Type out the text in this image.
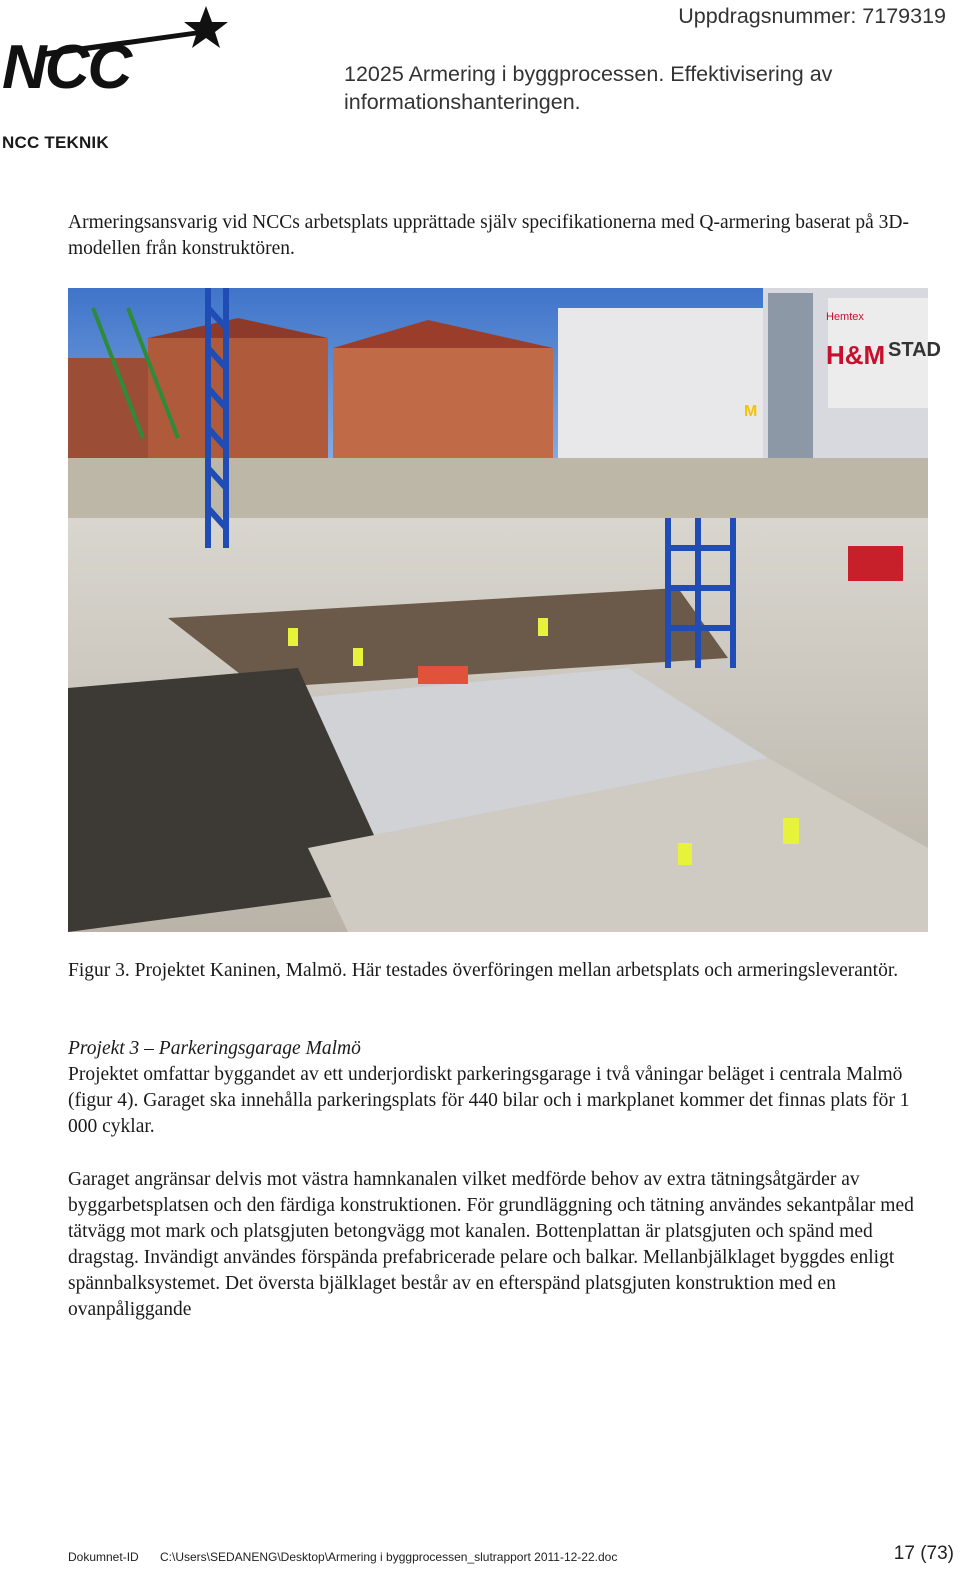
NCC
NCC TEKNIK
Uppdragsnummer: 7179319
12025 Armering i byggprocessen. Effektivisering av informationshanteringen.
Armeringsansvarig vid NCCs arbetsplats upprättade själv specifikationerna med Q-armering baserat på 3D-modellen från konstruktören.
H&M
Hemtex
STAD
M
Figur 3. Projektet Kaninen, Malmö. Här testades överföringen mellan arbetsplats och armeringsleverantör.
Projekt 3 – Parkeringsgarage Malmö
Projektet omfattar byggandet av ett underjordiskt parkeringsgarage i två våningar beläget i centrala Malmö (figur 4). Garaget ska innehålla parkeringsplats för 440 bilar och i markplanet kommer det finnas plats för 1 000 cyklar.
Garaget angränsar delvis mot västra hamnkanalen vilket medförde behov av extra tätningsåtgärder av byggarbetsplatsen och den färdiga konstruktionen. För grundläggning och tätning användes sekantpålar med tätvägg mot mark och platsgjuten betongvägg mot kanalen. Bottenplattan är platsgjuten och spänd med dragstag. Invändigt användes förspända prefabricerade pelare och balkar. Mellanbjälklaget byggdes enligt spännbalksystemet. Det översta bjälklaget består av en efterspänd platsgjuten konstruktion med en ovanpåliggande
Dokumnet-ID C:\Users\SEDANENG\Desktop\Armering i byggprocessen_slutrapport 2011-12-22.doc	17 (73)
